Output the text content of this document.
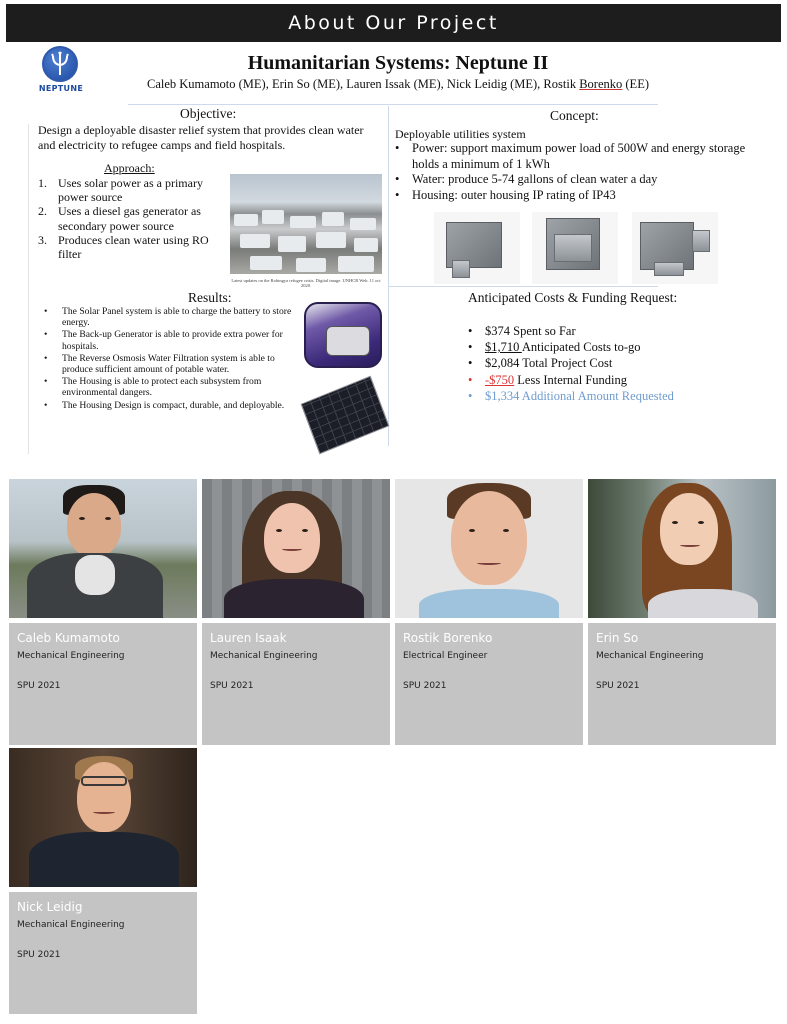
About Our Project
NEPTUNE
Humanitarian Systems: Neptune II
Caleb Kumamoto (ME), Erin So (ME), Lauren Issak (ME), Nick Leidig (ME), Rostik Borenko (EE)
Objective:
Design a deployable disaster relief system that provides clean water and electricity to refugee camps and field hospitals.
Approach:
1. Uses solar power as a primary power source
2. Uses a diesel gas generator as secondary power source
3. Produces clean water using RO filter
Latest updates on the Rohingya refugee crisis. Digital image. UNHCR Web. 11 oct 2020.
Concept:
Deployable utilities system
• Power: support maximum power load of 500W and energy storage holds a minimum of 1 kWh
• Water: produce 5-74 gallons of clean water a day
• Housing: outer housing IP rating of IP43
Results:
• The Solar Panel system is able to charge the battery to store energy.
• The Back-up Generator is able to provide extra power for hospitals.
• The Reverse Osmosis Water Filtration system is able to produce sufficient amount of potable water.
• The Housing is able to protect each subsystem from environmental dangers.
• The Housing Design is compact, durable, and deployable.
Anticipated Costs & Funding Request:
• $374 Spent so Far
• $1,710 Anticipated Costs to-go
• $2,084 Total Project Cost
• -$750 Less Internal Funding
• $1,334 Additional Amount Requested
Caleb Kumamoto
Mechanical Engineering
SPU 2021
Lauren Isaak
Mechanical Engineering
SPU 2021
Rostik Borenko
Electrical Engineer
SPU 2021
Erin So
Mechanical Engineering
SPU 2021
Nick Leidig
Mechanical Engineering
SPU 2021
